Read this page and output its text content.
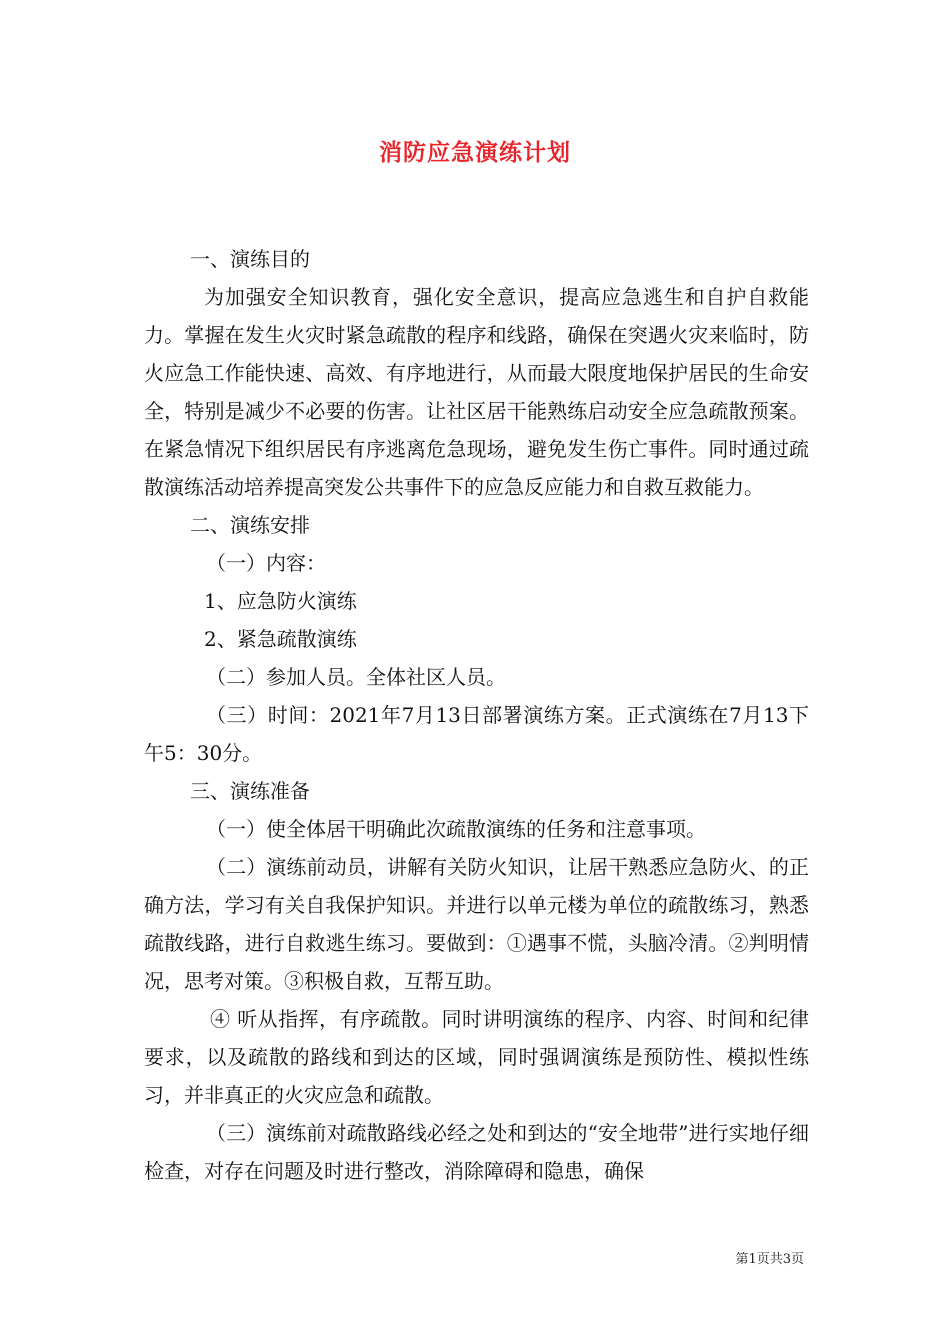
消防应急演练计划

一、演练目的

为加强安全知识教育，强化安全意识，提高应急逃生和自护自救能力。掌握在发生火灾时紧急疏散的程序和线路，确保在突遇火灾来临时，防火应急工作能快速、高效、有序地进行，从而最大限度地保护居民的生命安全，特别是减少不必要的伤害。让社区居干能熟练启动安全应急疏散预案。在紧急情况下组织居民有序逃离危急现场，避免发生伤亡事件。同时通过疏散演练活动培养提高突发公共事件下的应急反应能力和自救互救能力。

二、演练安排

（一）内容：

1、应急防火演练

2、紧急疏散演练

（二）参加人员。全体社区人员。

（三）时间：2021年7月13日部署演练方案。正式演练在7月13下午5：30分。

三、演练准备

（一）使全体居干明确此次疏散演练的任务和注意事项。

（二）演练前动员，讲解有关防火知识，让居干熟悉应急防火、的正确方法，学习有关自我保护知识。并进行以单元楼为单位的疏散练习，熟悉疏散线路，进行自救逃生练习。要做到：①遇事不慌，头脑冷清。②判明情况，思考对策。③积极自救，互帮互助。

④ 听从指挥，有序疏散。同时讲明演练的程序、内容、时间和纪律要求，以及疏散的路线和到达的区域，同时强调演练是预防性、模拟性练习，并非真正的火灾应急和疏散。

（三）演练前对疏散路线必经之处和到达的“安全地带”进行实地仔细检查，对存在问题及时进行整改，消除障碍和隐患，确保

第1页共3页
